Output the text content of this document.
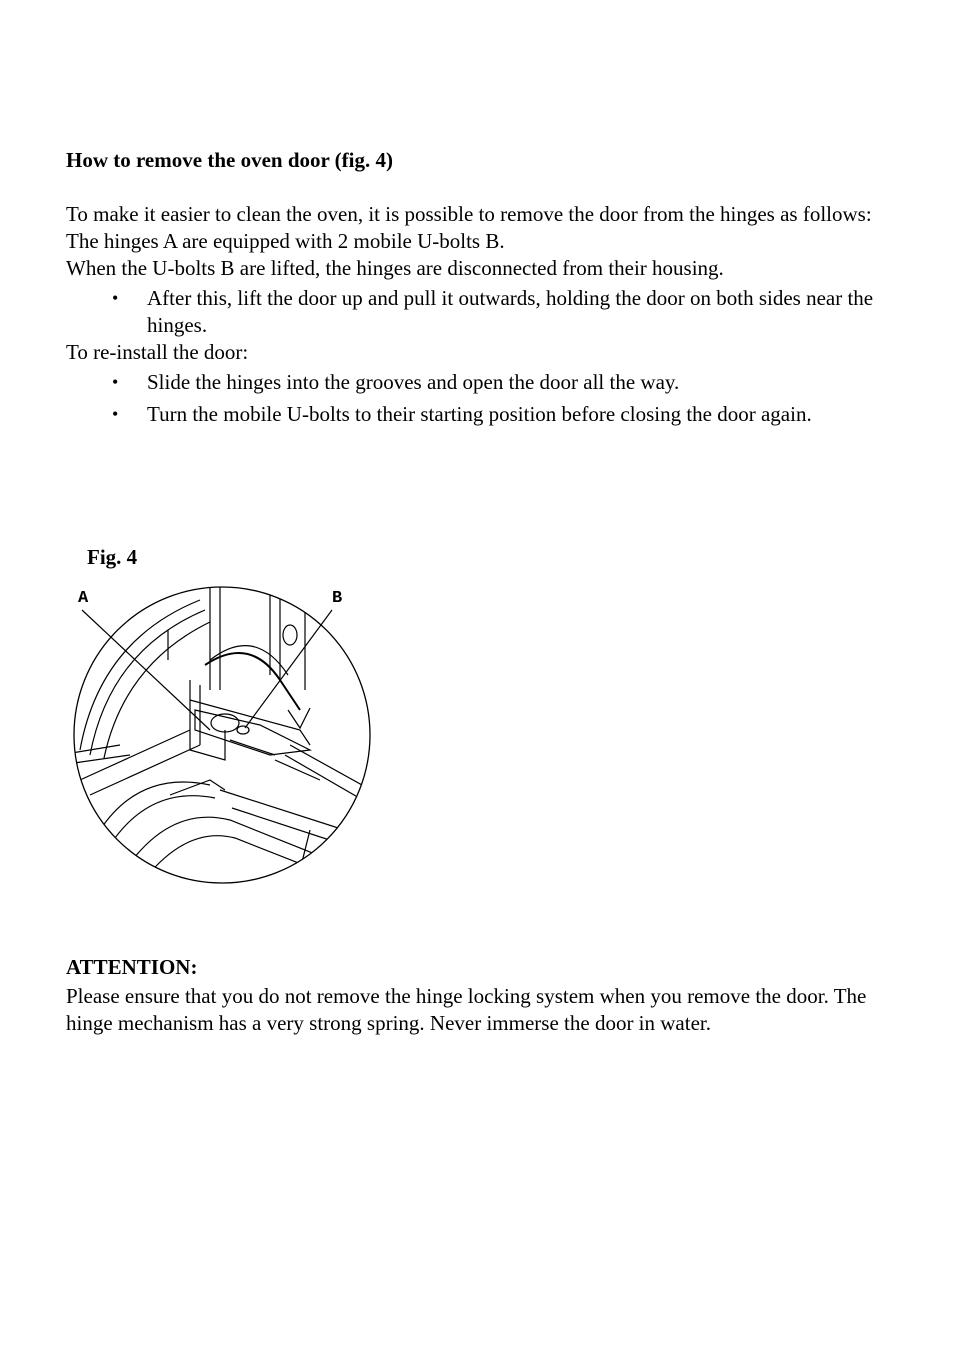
How to remove the oven door (fig. 4)

To make it easier to clean the oven, it is possible to remove the door from the hinges as follows:

The hinges A are equipped with 2 mobile U-bolts B.

When the U-bolts B are lifted, the hinges are disconnected from their housing.

• After this, lift the door up and pull it outwards, holding the door on both sides near the hinges.

To re-install the door:

• Slide the hinges into the grooves and open the door all the way.
• Turn the mobile U-bolts to their starting position before closing the door again.
Fig. 4
A	B
ATTENTION:
Please ensure that you do not remove the hinge locking system when you remove the door. The hinge mechanism has a very strong spring. Never immerse the door in water.
